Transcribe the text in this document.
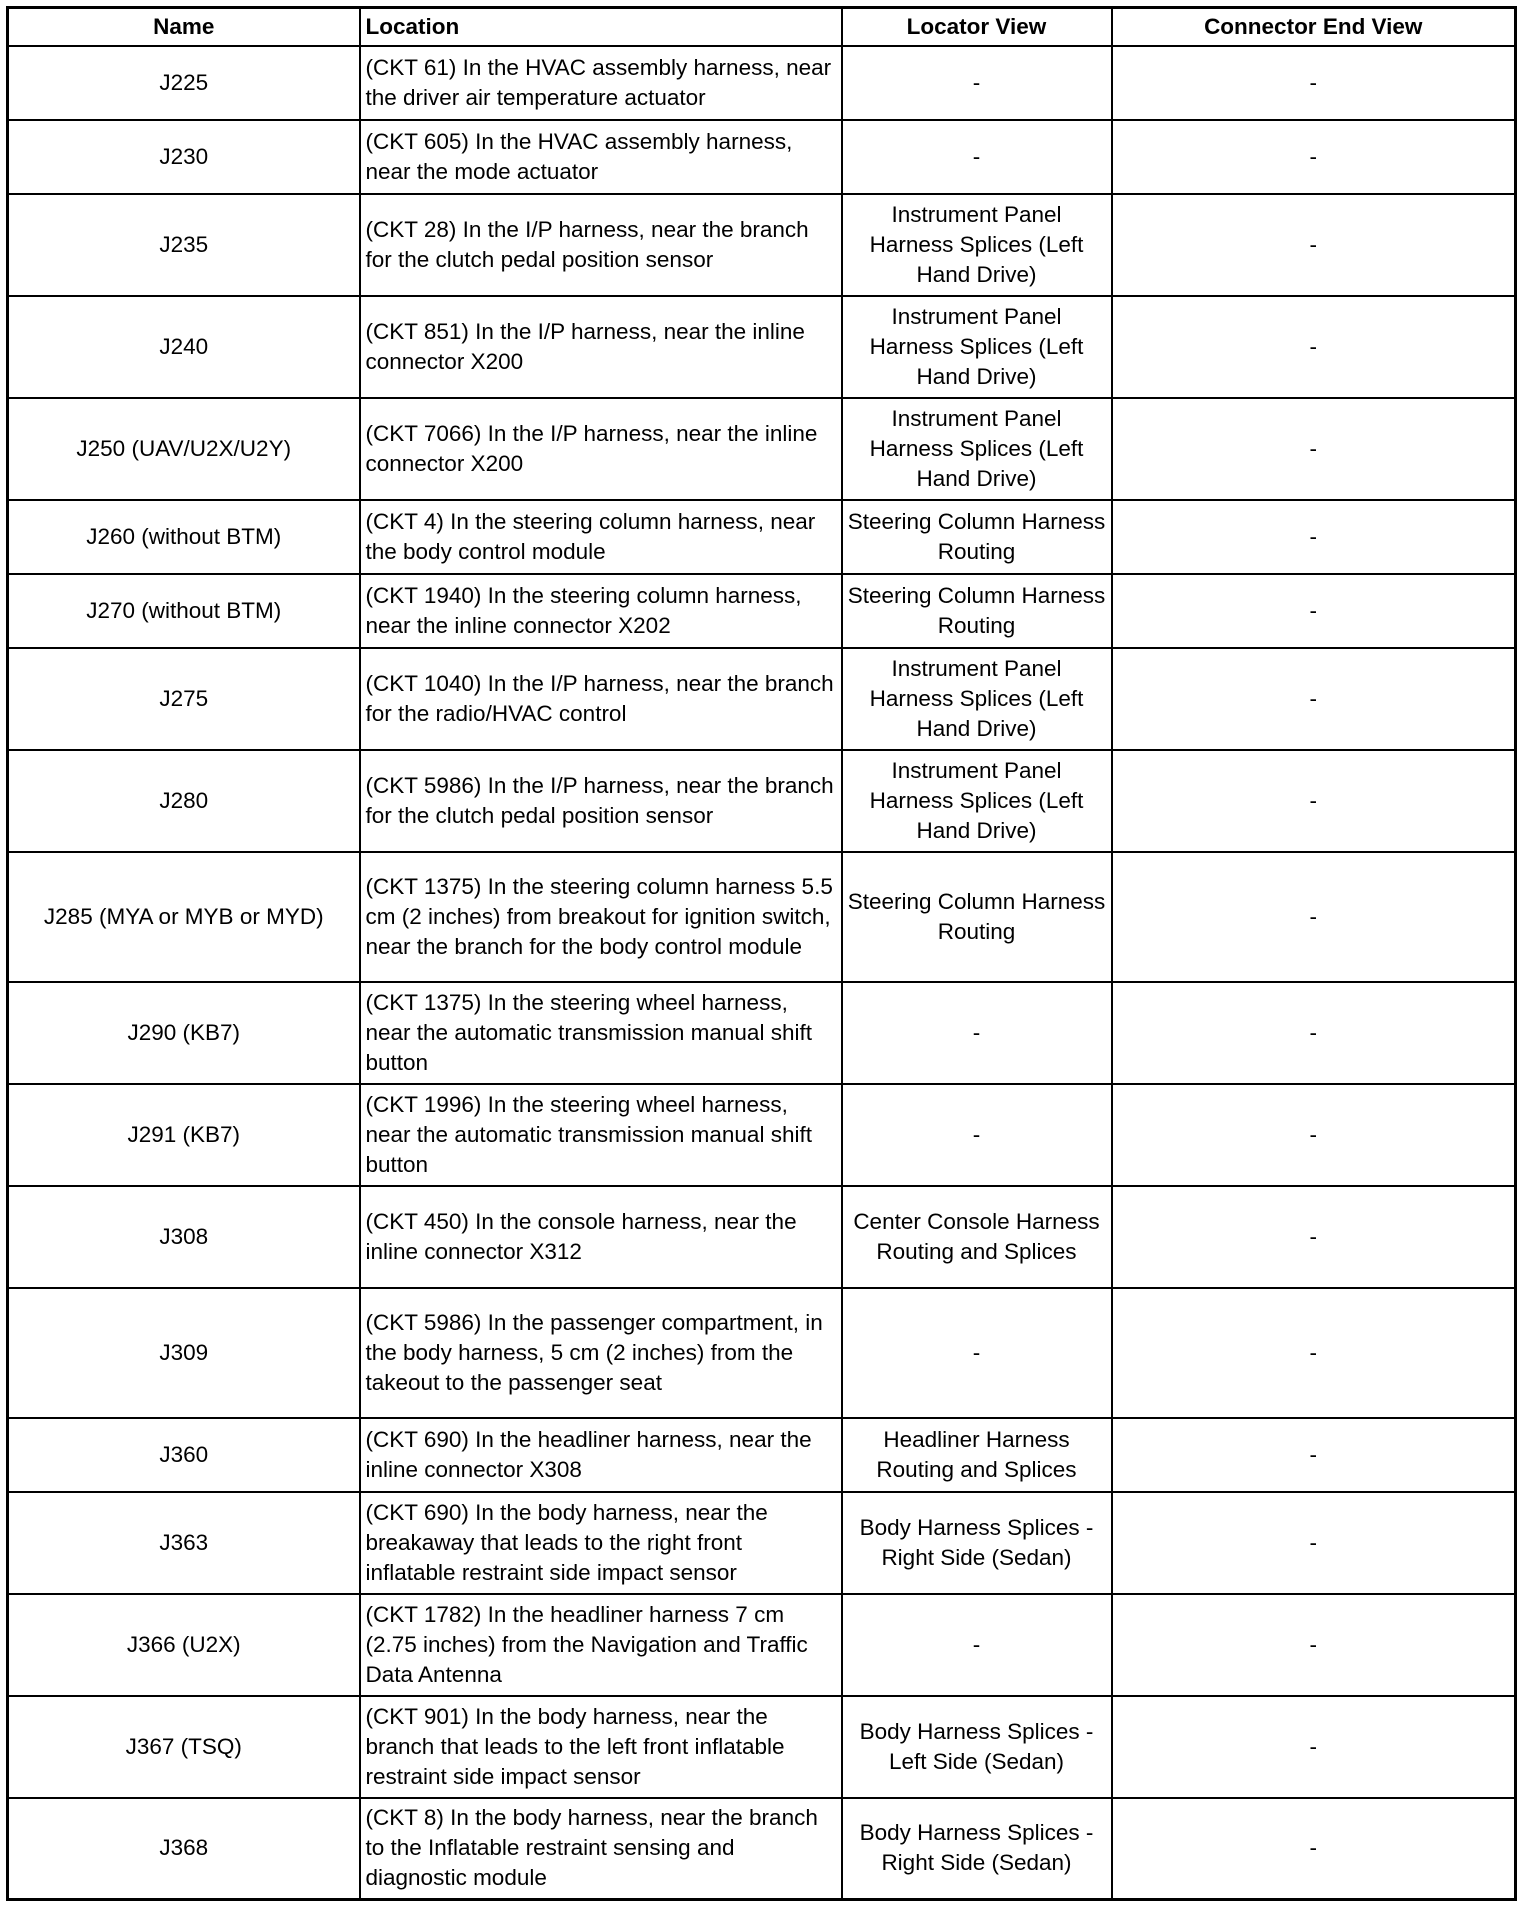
Name	Location	Locator View	Connector End View
J225	(CKT 61) In the HVAC assembly harness, near the driver air temperature actuator	-	-
J230	(CKT 605) In the HVAC assembly harness, near the mode actuator	-	-
J235	(CKT 28) In the I/P harness, near the branch for the clutch pedal position sensor	Instrument Panel Harness Splices (Left Hand Drive)	-
J240	(CKT 851) In the I/P harness, near the inline connector X200	Instrument Panel Harness Splices (Left Hand Drive)	-
J250 (UAV/U2X/U2Y)	(CKT 7066) In the I/P harness, near the inline connector X200	Instrument Panel Harness Splices (Left Hand Drive)	-
J260 (without BTM)	(CKT 4) In the steering column harness, near the body control module	Steering Column Harness Routing	-
J270 (without BTM)	(CKT 1940) In the steering column harness, near the inline connector X202	Steering Column Harness Routing	-
J275	(CKT 1040) In the I/P harness, near the branch for the radio/HVAC control	Instrument Panel Harness Splices (Left Hand Drive)	-
J280	(CKT 5986) In the I/P harness, near the branch for the clutch pedal position sensor	Instrument Panel Harness Splices (Left Hand Drive)	-
J285 (MYA or MYB or MYD)	(CKT 1375) In the steering column harness 5.5 cm (2 inches) from breakout for ignition switch, near the branch for the body control module	Steering Column Harness Routing	-
J290 (KB7)	(CKT 1375) In the steering wheel harness, near the automatic transmission manual shift button	-	-
J291 (KB7)	(CKT 1996) In the steering wheel harness, near the automatic transmission manual shift button	-	-
J308	(CKT 450) In the console harness, near the inline connector X312	Center Console Harness Routing and Splices	-
J309	(CKT 5986) In the passenger compartment, in the body harness, 5 cm (2 inches) from the takeout to the passenger seat	-	-
J360	(CKT 690) In the headliner harness, near the inline connector X308	Headliner Harness Routing and Splices	-
J363	(CKT 690) In the body harness, near the breakaway that leads to the right front inflatable restraint side impact sensor	Body Harness Splices - Right Side (Sedan)	-
J366 (U2X)	(CKT 1782) In the headliner harness 7 cm (2.75 inches) from the Navigation and Traffic Data Antenna	-	-
J367 (TSQ)	(CKT 901) In the body harness, near the branch that leads to the left front inflatable restraint side impact sensor	Body Harness Splices - Left Side (Sedan)	-
J368	(CKT 8) In the body harness, near the branch to the Inflatable restraint sensing and diagnostic module	Body Harness Splices - Right Side (Sedan)	-
